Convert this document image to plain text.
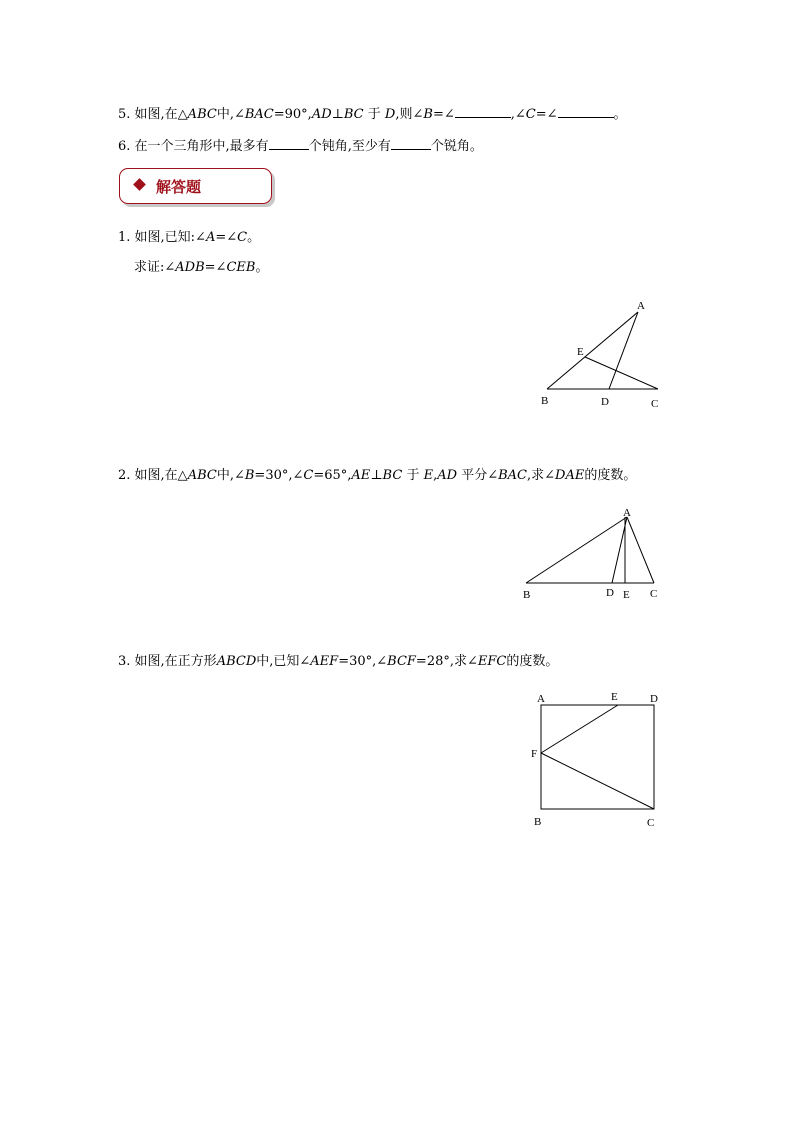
5. 如图,在△ABC中,∠BAC=90°,AD⊥BC 于 D,则∠B=∠	,∠C=∠	。
6. 在一个三角形中,最多有	个钝角,至少有	个锐角。
解答题
1. 如图,已知:∠A=∠C。
求证:∠ADB=∠CEB。
A
E
B	D	C
2. 如图,在△ABC中,∠B=30°,∠C=65°,AE⊥BC 于 E,AD 平分∠BAC,求∠DAE的度数。
A
B	D E C
3. 如图,在正方形ABCD中,已知∠AEF=30°,∠BCF=28°,求∠EFC的度数。
A	E	D
F
B	C
